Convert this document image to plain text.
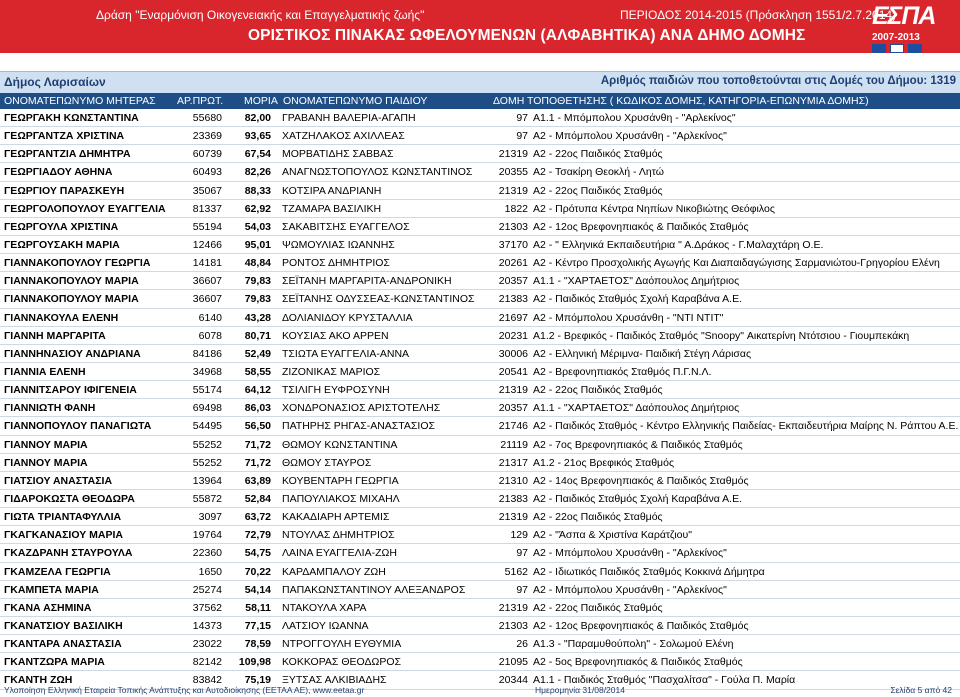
Δράση "Εναρμόνιση Οικογενειακής και Επαγγελματικής ζωής"	ΠΕΡΙΟΔΟΣ 2014-2015 (Πρόσκληση 1551/2.7.2014)
ΟΡΙΣΤΙΚΟΣ ΠΙΝΑΚΑΣ ΩΦΕΛΟΥΜΕΝΩΝ (ΑΛΦΑΒΗΤΙΚΑ) ΑΝΑ ΔΗΜΟ ΔΟΜΗΣ
ΕΣΠΑ
2007-2013
Δήμος Λαρισαίων	Αριθμός παιδιών που τοποθετούνται στις Δομές του Δήμου: 1319
ΟΝΟΜΑΤΕΠΩΝΥΜΟ ΜΗΤΕΡΑΣ ΑΡ.ΠΡΩΤ. ΜΟΡΙΑ ΟΝΟΜΑΤΕΠΩΝΥΜΟ ΠΑΙΔΙΟΥ	ΔΟΜΗ ΤΟΠΟΘΕΤΗΣΗΣ ( ΚΩΔΙΚΟΣ ΔΟΜΗΣ, ΚΑΤΗΓΟΡΙΑ-ΕΠΩΝΥΜΙΑ ΔΟΜΗΣ)
ΓΕΩΡΓΑΚΗ ΚΩΝΣΤΑΝΤΙΝΑ	55680 82,00 ΓΡΑΒΑΝΗ ΒΑΛΕΡΙΑ-ΑΓΑΠΗ	97 Α1.1 - Μπόμπολου Χρυσάνθη - "Αρλεκίνος"
ΓΕΩΡΓΑΝΤΖΑ ΧΡΙΣΤΙΝΑ	23369 93,65 ΧΑΤΖΗΛΑΚΟΣ ΑΧΙΛΛΕΑΣ	97 Α2 - Μπόμπολου Χρυσάνθη - "Αρλεκίνος"
ΓΕΩΡΓΑΝΤΖΙΑ ΔΗΜΗΤΡΑ	60739 67,54 ΜΟΡΒΑΤΙΔΗΣ ΣΑΒΒΑΣ	21319 Α2 - 22ος Παιδικός Σταθμός
ΓΕΩΡΓΙΑΔΟΥ ΑΘΗΝΑ	60493 82,26 ΑΝΑΓΝΩΣΤΟΠΟΥΛΟΣ ΚΩΝΣΤΑΝΤΙΝΟΣ	20355 Α2 - Τσακίρη Θεοκλή - Λητώ
ΓΕΩΡΓΙΟΥ ΠΑΡΑΣΚΕΥΗ	35067 88,33 ΚΟΤΣΙΡΑ ΑΝΔΡΙΑΝΗ	21319 Α2 - 22ος Παιδικός Σταθμός
ΓΕΩΡΓΟΛΟΠΟΥΛΟΥ ΕΥΑΓΓΕΛΙΑ	81337 62,92 ΤΖΑΜΑΡΑ ΒΑΣΙΛΙΚΗ	1822 Α2 - Πρότυπα Κέντρα Νηπίων Νικοβιώτης Θεόφιλος
ΓΕΩΡΓΟΥΛΑ ΧΡΙΣΤΙΝΑ	55194 54,03 ΣΑΚΑΒΙΤΣΗΣ ΕΥΑΓΓΕΛΟΣ	21303 Α2 - 12ος Βρεφονηπιακός & Παιδικός Σταθμός
ΓΕΩΡΓΟΥΣΑΚΗ ΜΑΡΙΑ	12466 95,01 ΨΩΜΟΥΛΙΑΣ ΙΩΑΝΝΗΣ	37170 Α2 - " Ελληνικά Εκπαιδευτήρια " Α.Δράκος - Γ.Μαλαχτάρη Ο.Ε.
ΓΙΑΝΝΑΚΟΠΟΥΛΟΥ ΓΕΩΡΓΙΑ	14181 48,84 ΡΟΝΤΟΣ ΔΗΜΗΤΡΙΟΣ	20261 Α2 - Κέντρο Προσχολικής Αγωγής Και Διαπαιδαγώγισης Σαρμανιώτου-Γρηγορίου Ελένη
ΓΙΑΝΝΑΚΟΠΟΥΛΟΥ ΜΑΡΙΑ	36607 79,83 ΣΕΪΤΑΝΗ ΜΑΡΓΑΡΙΤΑ-ΑΝΔΡΟΝΙΚΗ	20357 Α1.1 - "ΧΑΡΤΑΕΤΟΣ" Δαόπουλος Δημήτριος
ΓΙΑΝΝΑΚΟΠΟΥΛΟΥ ΜΑΡΙΑ	36607 79,83 ΣΕΪΤΑΝΗΣ ΟΔΥΣΣΕΑΣ-ΚΩΝΣΤΑΝΤΙΝΟΣ 21383 Α2 - Παιδικός Σταθμός Σχολή Καραβάνα Α.Ε.
ΓΙΑΝΝΑΚΟΥΛΑ ΕΛΕΝΗ	6140 43,28 ΔΟΛΙΑΝΙΔΟΥ ΚΡΥΣΤΑΛΛΙΑ	21697 Α2 - Μπόμπολου Χρυσάνθη - "ΝΤΙ ΝΤΙΤ"
ΓΙΑΝΝΗ ΜΑΡΓΑΡΙΤΑ	6078 80,71 ΚΟΥΣΙΑΣ ΑΚΟ ΑΡΡΕΝ	20231 Α1.2 - Βρεφικός - Παιδικός Σταθμός "Snoopy" Αικατερίνη Ντότσιου - Γιουμπεκάκη
ΓΙΑΝΝΗΝΑΣΙΟΥ ΑΝΔΡΙΑΝΑ	84186 52,49 ΤΣΙΩΤΑ ΕΥΑΓΓΕΛΙΑ-ΑΝΝΑ	30006 Α2 - Ελληνική Μέριμνα- Παιδική Στέγη Λάρισας
ΓΙΑΝΝΙΑ ΕΛΕΝΗ	34968 58,55 ΖΙΖΟΝΙΚΑΣ ΜΑΡΙΟΣ	20541 Α2 - Βρεφονηπιακός Σταθμός Π.Γ.Ν.Λ.
ΓΙΑΝΝΙΤΣΑΡΟΥ ΙΦΙΓΕΝΕΙΑ	55174 64,12 ΤΣΙΛΙΓΗ ΕΥΦΡΟΣΥΝΗ	21319 Α2 - 22ος Παιδικός Σταθμός
ΓΙΑΝΝΙΩΤΗ ΦΑΝΗ	69498 86,03 ΧΟΝΔΡΟΝΑΣΙΟΣ ΑΡΙΣΤΟΤΕΛΗΣ	20357 Α1.1 - "ΧΑΡΤΑΕΤΟΣ" Δαόπουλος Δημήτριος
ΓΙΑΝΝΟΠΟΥΛΟΥ ΠΑΝΑΓΙΩΤΑ	54495 56,50 ΠΑΤΗΡΗΣ ΡΗΓΑΣ-ΑΝΑΣΤΑΣΙΟΣ	21746 Α2 - Παιδικός Σταθμός - Κέντρο Ελληνικής Παιδείας- Εκπαιδευτήρια Μαίρης Ν. Ράπτου Α.Ε.
ΓΙΑΝΝΟΥ ΜΑΡΙΑ	55252 71,72 ΘΩΜΟΥ ΚΩΝΣΤΑΝΤΙΝΑ	21119 Α2 - 7ος Βρεφονηπιακός & Παιδικός Σταθμός
ΓΙΑΝΝΟΥ ΜΑΡΙΑ	55252 71,72 ΘΩΜΟΥ ΣΤΑΥΡΟΣ	21317 Α1.2 - 21ος Βρεφικός Σταθμός
ΓΙΑΤΣΙΟΥ ΑΝΑΣΤΑΣΙΑ	13964 63,89 ΚΟΥΒΕΝΤΑΡΗ ΓΕΩΡΓΙΑ	21310 Α2 - 14ος Βρεφονηπιακός & Παιδικός Σταθμός
ΓΙΔΑΡΟΚΩΣΤΑ ΘΕΟΔΩΡΑ	55872 52,84 ΠΑΠΟΥΛΙΑΚΟΣ ΜΙΧΑΗΛ	21383 Α2 - Παιδικός Σταθμός Σχολή Καραβάνα Α.Ε.
ΓΙΩΤΑ ΤΡΙΑΝΤΑΦΥΛΛΙΑ	3097 63,72 ΚΑΚΑΔΙΑΡΗ ΑΡΤΕΜΙΣ	21319 Α2 - 22ος Παιδικός Σταθμός
ΓΚΑΓΚΑΝΑΣΙΟΥ ΜΑΡΙΑ	19764 72,79 ΝΤΟΥΛΑΣ ΔΗΜΗΤΡΙΟΣ	129 Α2 - "Άσπα & Χριστίνα Καράτζιου"
ΓΚΑΖΔΡΑΝΗ ΣΤΑΥΡΟΥΛΑ	22360 54,75 ΛΑΙΝΑ ΕΥΑΓΓΕΛΙΑ-ΖΩΗ	97 Α2 - Μπόμπολου Χρυσάνθη - "Αρλεκίνος"
ΓΚΑΜΖΕΛΑ ΓΕΩΡΓΙΑ	1650 70,22 ΚΑΡΔΑΜΠΑΛΟΥ ΖΩΗ	5162 Α2 - Ιδιωτικός Παιδικός Σταθμός Κοκκινά Δήμητρα
ΓΚΑΜΠΕΤΑ ΜΑΡΙΑ	25274 54,14 ΠΑΠΑΚΩΝΣΤΑΝΤΙΝΟΥ ΑΛΕΞΑΝΔΡΟΣ	97 Α2 - Μπόμπολου Χρυσάνθη - "Αρλεκίνος"
ΓΚΑΝΑ ΑΣΗΜΙΝΑ	37562 58,11 ΝΤΑΚΟΥΛΑ ΧΑΡΑ	21319 Α2 - 22ος Παιδικός Σταθμός
ΓΚΑΝΑΤΣΙΟΥ ΒΑΣΙΛΙΚΗ	14373 77,15 ΛΑΤΣΙΟΥ ΙΩΑΝΝΑ	21303 Α2 - 12ος Βρεφονηπιακός & Παιδικός Σταθμός
ΓΚΑΝΤΑΡΑ ΑΝΑΣΤΑΣΙΑ	23022 78,59 ΝΤΡΟΓΓΟΥΛΗ ΕΥΘΥΜΙΑ	26 Α1.3 - "Παραμυθούπολη" - Σολωμού Ελένη
ΓΚΑΝΤΖΩΡΑ ΜΑΡΙΑ	82142 109,98 ΚΟΚΚΟΡΑΣ ΘΕΟΔΩΡΟΣ	21095 Α2 - 5ος Βρεφονηπιακός & Παιδικός Σταθμός
ΓΚΑΝΤΗ ΖΩΗ	83842 75,19 ΞΥΤΣΑΣ ΑΛΚΙΒΙΑΔΗΣ	20344 Α1.1 - Παιδικός Σταθμός "Πασχαλίτσα" - Γούλα Π. Μαρία
Υλοποίηση Ελληνική Εταιρεία Τοπικής Ανάπτυξης και Αυτοδιοίκησης (ΕΕΤΑΑ ΑΕ), www.eetaa.gr	Ημερομηνία 31/08/2014	Σελίδα 5 από 42
